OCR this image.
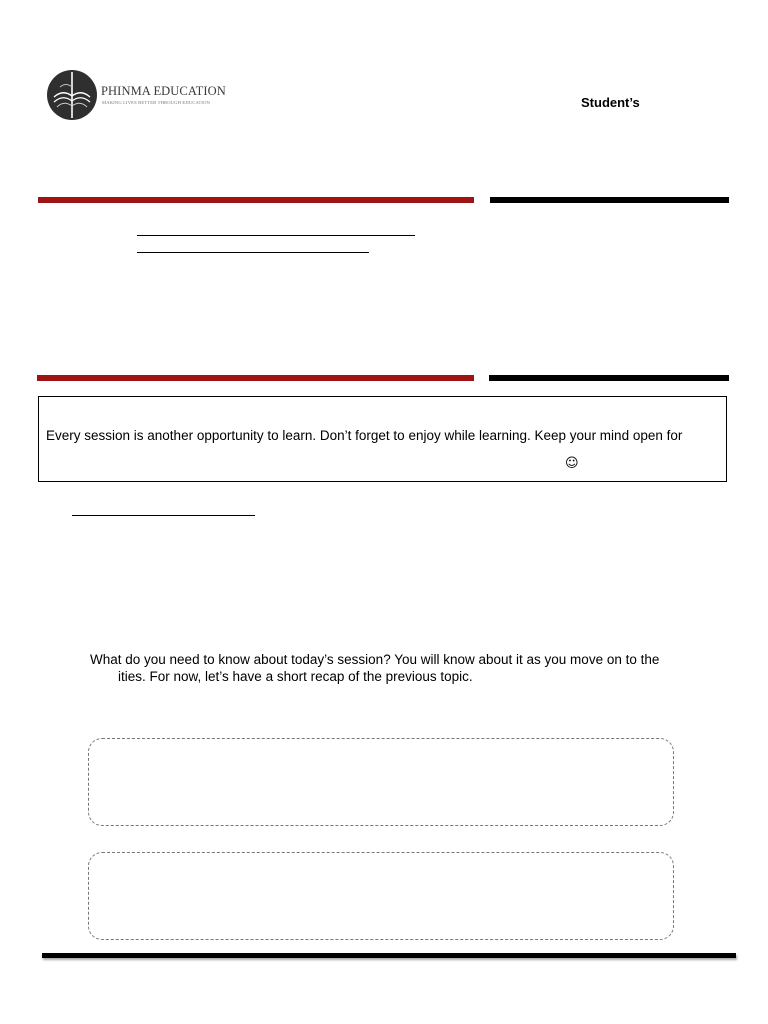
PHINMA EDUCATION
MAKING LIVES BETTER THROUGH EDUCATION	Student’s
Every session is another opportunity to learn. Don’t forget to enjoy while learning. Keep your mind open for
☺
What do you need to know about today’s session? You will know about it as you move on to the
ities. For now, let’s have a short recap of the previous topic.
